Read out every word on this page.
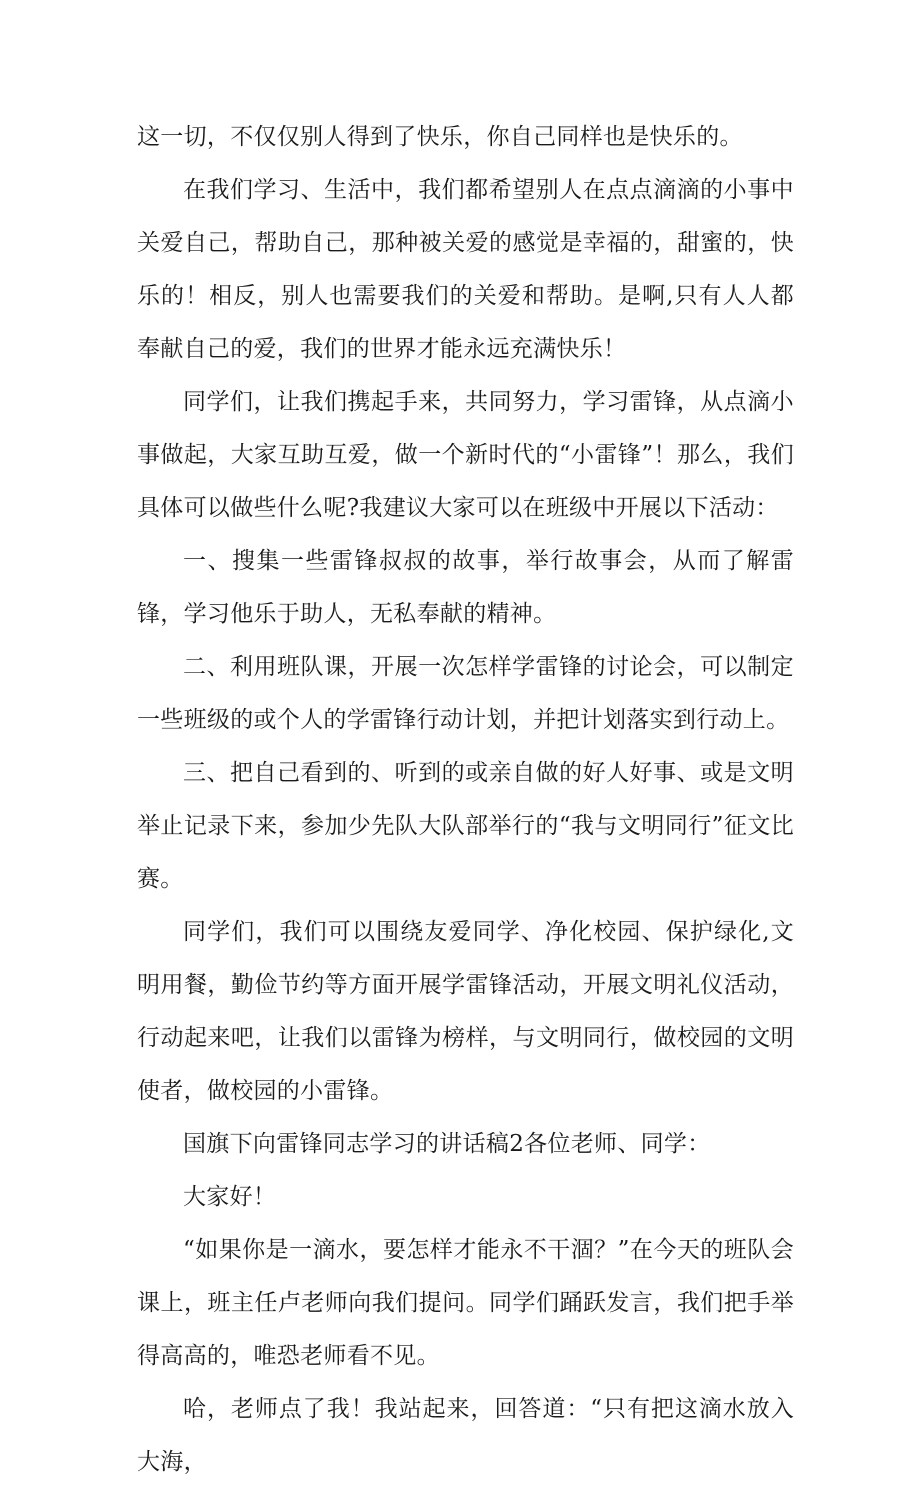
这一切，不仅仅别人得到了快乐，你自己同样也是快乐的。

在我们学习、生活中，我们都希望别人在点点滴滴的小事中关爱自己，帮助自己，那种被关爱的感觉是幸福的，甜蜜的，快乐的！相反，别人也需要我们的关爱和帮助。是啊,只有人人都奉献自己的爱，我们的世界才能永远充满快乐！

同学们，让我们携起手来，共同努力，学习雷锋，从点滴小事做起，大家互助互爱，做一个新时代的“小雷锋”！那么，我们具体可以做些什么呢?我建议大家可以在班级中开展以下活动：

一、搜集一些雷锋叔叔的故事，举行故事会，从而了解雷锋，学习他乐于助人，无私奉献的精神。

二、利用班队课，开展一次怎样学雷锋的讨论会，可以制定一些班级的或个人的学雷锋行动计划，并把计划落实到行动上。

三、把自己看到的、听到的或亲自做的好人好事、或是文明举止记录下来，参加少先队大队部举行的“我与文明同行”征文比赛。

同学们，我们可以围绕友爱同学、净化校园、保护绿化,文明用餐，勤俭节约等方面开展学雷锋活动，开展文明礼仪活动，行动起来吧，让我们以雷锋为榜样，与文明同行，做校园的文明使者，做校园的小雷锋。

国旗下向雷锋同志学习的讲话稿2各位老师、同学：

大家好！

“如果你是一滴水，要怎样才能永不干涸？”在今天的班队会课上，班主任卢老师向我们提问。同学们踊跃发言，我们把手举得高高的，唯恐老师看不见。

哈，老师点了我！我站起来，回答道：“只有把这滴水放入大海，
